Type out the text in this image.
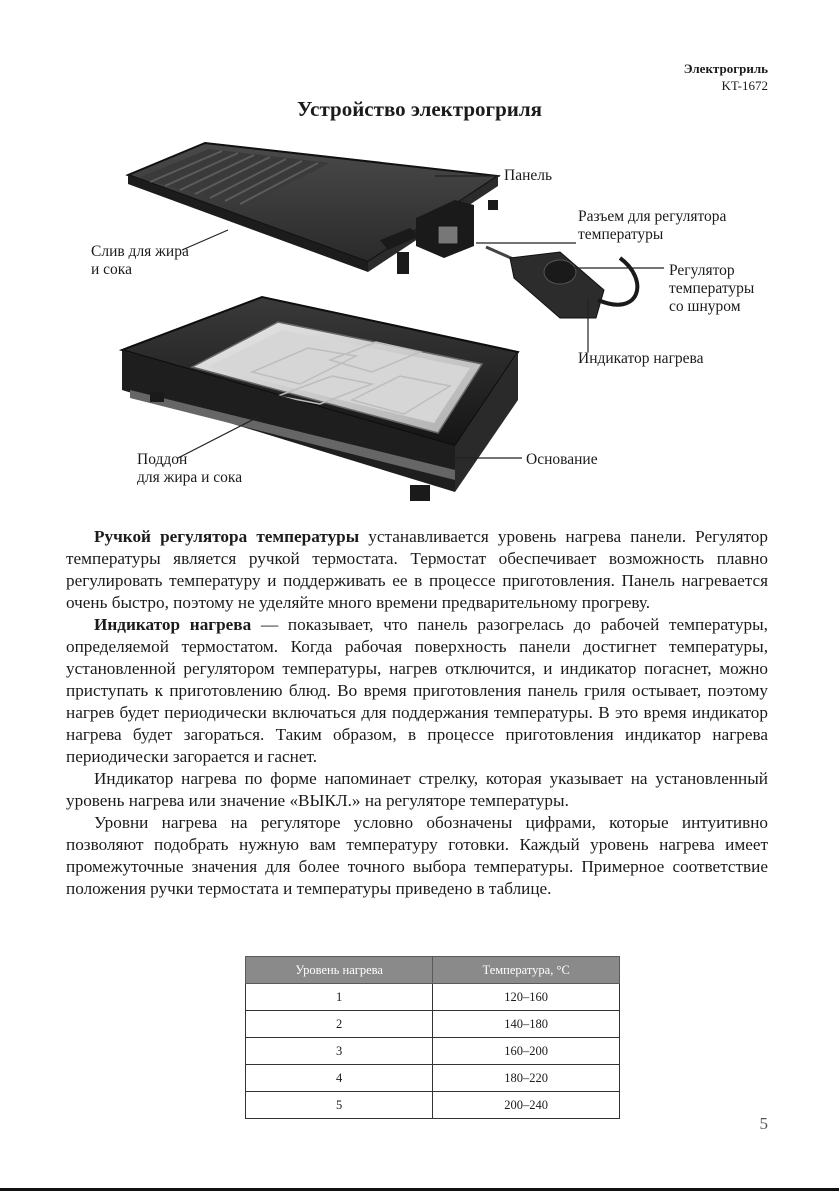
Электрогриль
KT-1672
Устройство электрогриля
Панель
Разъем для регулятора
температуры
Слив для жира
и сока	Регулятор
температуры
со шнуром
Индикатор нагрева
Поддон
для жира и сока
Основание

Ручкой регулятора температуры устанавливается уровень нагрева панели. Регулятор температуры является ручкой термостата. Термостат обеспечивает возможность плавно регулировать температуру и поддерживать ее в процессе приготовления. Панель нагревается очень быстро, поэтому не уделяйте много времени предварительному прогреву.

Индикатор нагрева — показывает, что панель разогрелась до рабочей температуры, определяемой термостатом. Когда рабочая поверхность панели достигнет температуры, установленной регулятором температуры, нагрев отключится, и индикатор погаснет, можно приступать к приготовлению блюд. Во время приготовления панель гриля остывает, поэтому нагрев будет периодически включаться для поддержания температуры. В это время индикатор нагрева будет загораться. Таким образом, в процессе приготовления индикатор нагрева периодически загорается и гаснет.

Индикатор нагрева по форме напоминает стрелку, которая указывает на установленный уровень нагрева или значение «ВЫКЛ.» на регуляторе температуры.

Уровни нагрева на регуляторе условно обозначены цифрами, которые интуитивно позволяют подобрать нужную вам температуру готовки. Каждый уровень нагрева имеет промежуточные значения для более точного выбора температуры. Примерное соответствие положения ручки термостата и температуры приведено в таблице.

Уровень нагрева	Температура, °С
1	120–160
2	140–180
3	160–200
4	180–220
5	200–240
5
